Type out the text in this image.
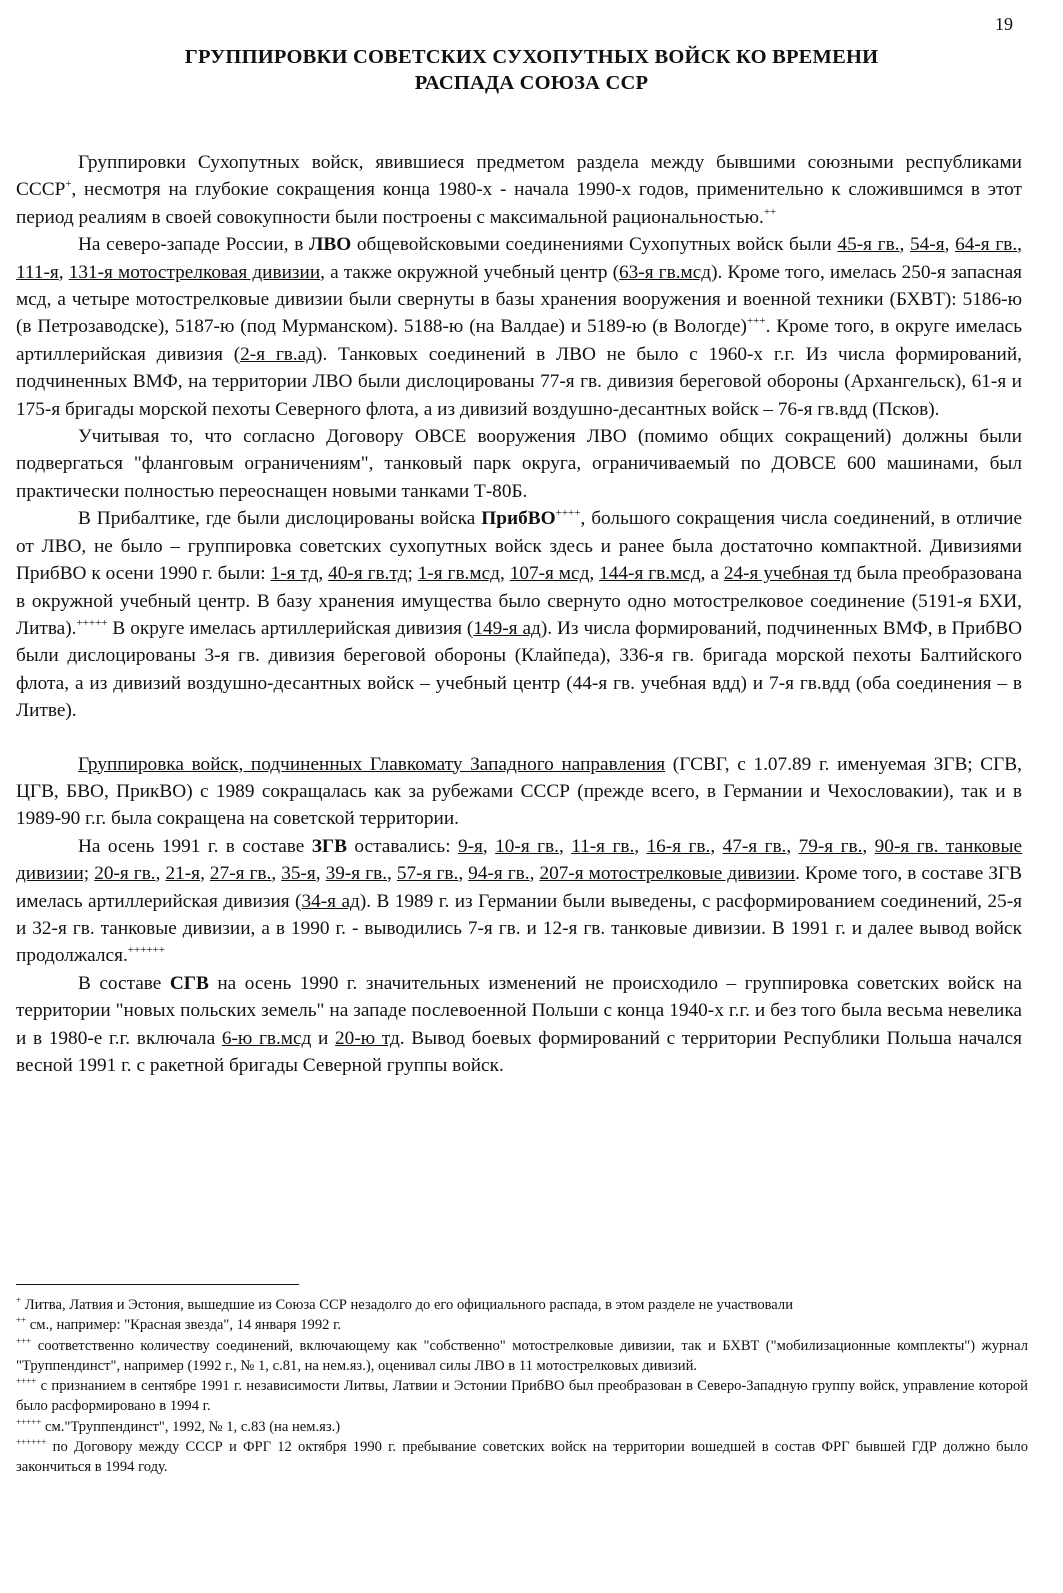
19
ГРУППИРОВКИ СОВЕТСКИХ СУХОПУТНЫХ ВОЙСК КО ВРЕМЕНИ
РАСПАДА СОЮЗА ССР

Группировки Сухопутных войск, явившиеся предметом раздела между бывшими союзными республиками СССР+, несмотря на глубокие сокращения конца 1980-х - начала 1990-х годов, применительно к сложившимся в этот период реалиям в своей совокупности были построены с максимальной рациональностью.++

На северо-западе России, в ЛВО общевойсковыми соединениями Сухопутных войск были 45-я гв., 54-я, 64-я гв., 111-я, 131-я мотострелковая дивизии, а также окружной учебный центр (63-я гв.мсд). Кроме того, имелась 250-я запасная мсд, а четыре мотострелковые дивизии были свернуты в базы хранения вооружения и военной техники (БХВТ): 5186-ю (в Петрозаводске), 5187-ю (под Мурманском). 5188-ю (на Валдае) и 5189-ю (в Вологде)+++. Кроме того, в округе имелась артиллерийская дивизия (2-я гв.ад). Танковых соединений в ЛВО не было с 1960-х г.г. Из числа формирований, подчиненных ВМФ, на территории ЛВО были дислоцированы 77-я гв. дивизия береговой обороны (Архангельск), 61-я и 175-я бригады морской пехоты Северного флота, а из дивизий воздушно-десантных войск – 76-я гв.вдд (Псков).

Учитывая то, что согласно Договору ОВСЕ вооружения ЛВО (помимо общих сокращений) должны были подвергаться "фланговым ограничениям", танковый парк округа, ограничиваемый по ДОВСЕ 600 машинами, был практически полностью переоснащен новыми танками Т-80Б.

В Прибалтике, где были дислоцированы войска ПрибВО++++, большого сокращения числа соединений, в отличие от ЛВО, не было – группировка советских сухопутных войск здесь и ранее была достаточно компактной. Дивизиями ПрибВО к осени 1990 г. были: 1-я тд, 40-я гв.тд; 1-я гв.мсд, 107-я мсд, 144-я гв.мсд, а 24-я учебная тд была преобразована в окружной учебный центр. В базу хранения имущества было свернуто одно мотострелковое соединение (5191-я БХИ, Литва).+++++ В округе имелась артиллерийская дивизия (149-я ад). Из числа формирований, подчиненных ВМФ, в ПрибВО были дислоцированы 3-я гв. дивизия береговой обороны (Клайпеда), 336-я гв. бригада морской пехоты Балтийского флота, а из дивизий воздушно-десантных войск – учебный центр (44-я гв. учебная вдд) и 7-я гв.вдд (оба соединения – в Литве).

Группировка войск, подчиненных Главкомату Западного направления (ГСВГ, с 1.07.89 г. именуемая ЗГВ; СГВ, ЦГВ, БВО, ПрикВО) с 1989 сокращалась как за рубежами СССР (прежде всего, в Германии и Чехословакии), так и в 1989-90 г.г. была сокращена на советской территории.

На осень 1991 г. в составе ЗГВ оставались: 9-я, 10-я гв., 11-я гв., 16-я гв., 47-я гв., 79-я гв., 90-я гв. танковые дивизии; 20-я гв., 21-я, 27-я гв., 35-я, 39-я гв., 57-я гв., 94-я гв., 207-я мотострелковые дивизии. Кроме того, в составе ЗГВ имелась артиллерийская дивизия (34-я ад). В 1989 г. из Германии были выведены, с расформированием соединений, 25-я и 32-я гв. танковые дивизии, а в 1990 г. - выводились 7-я гв. и 12-я гв. танковые дивизии. В 1991 г. и далее вывод войск продолжался.++++++

В составе СГВ на осень 1990 г. значительных изменений не происходило – группировка советских войск на территории "новых польских земель" на западе послевоенной Польши с конца 1940-х г.г. и без того была весьма невелика и в 1980-е г.г. включала 6-ю гв.мсд и 20-ю тд. Вывод боевых формирований с территории Республики Польша начался весной 1991 г. с ракетной бригады Северной группы войск.

+ Литва, Латвия и Эстония, вышедшие из Союза ССР незадолго до его официального распада, в этом разделе не участвовали

++ см., например: "Красная звезда", 14 января 1992 г.

+++ соответственно количеству соединений, включающему как "собственно" мотострелковые дивизии, так и БХВТ ("мобилизационные комплекты") журнал "Труппендинст", например (1992 г., № 1, с.81, на нем.яз.), оценивал силы ЛВО в 11 мотострелковых дивизий.

++++ с признанием в сентябре 1991 г. независимости Литвы, Латвии и Эстонии ПрибВО был преобразован в Северо-Западную группу войск, управление которой было расформировано в 1994 г.

+++++ см."Труппендинст", 1992, № 1, с.83 (на нем.яз.)

++++++ по Договору между СССР и ФРГ 12 октября 1990 г. пребывание советских войск на территории вошедшей в состав ФРГ бывшей ГДР должно было закончиться в 1994 году.
